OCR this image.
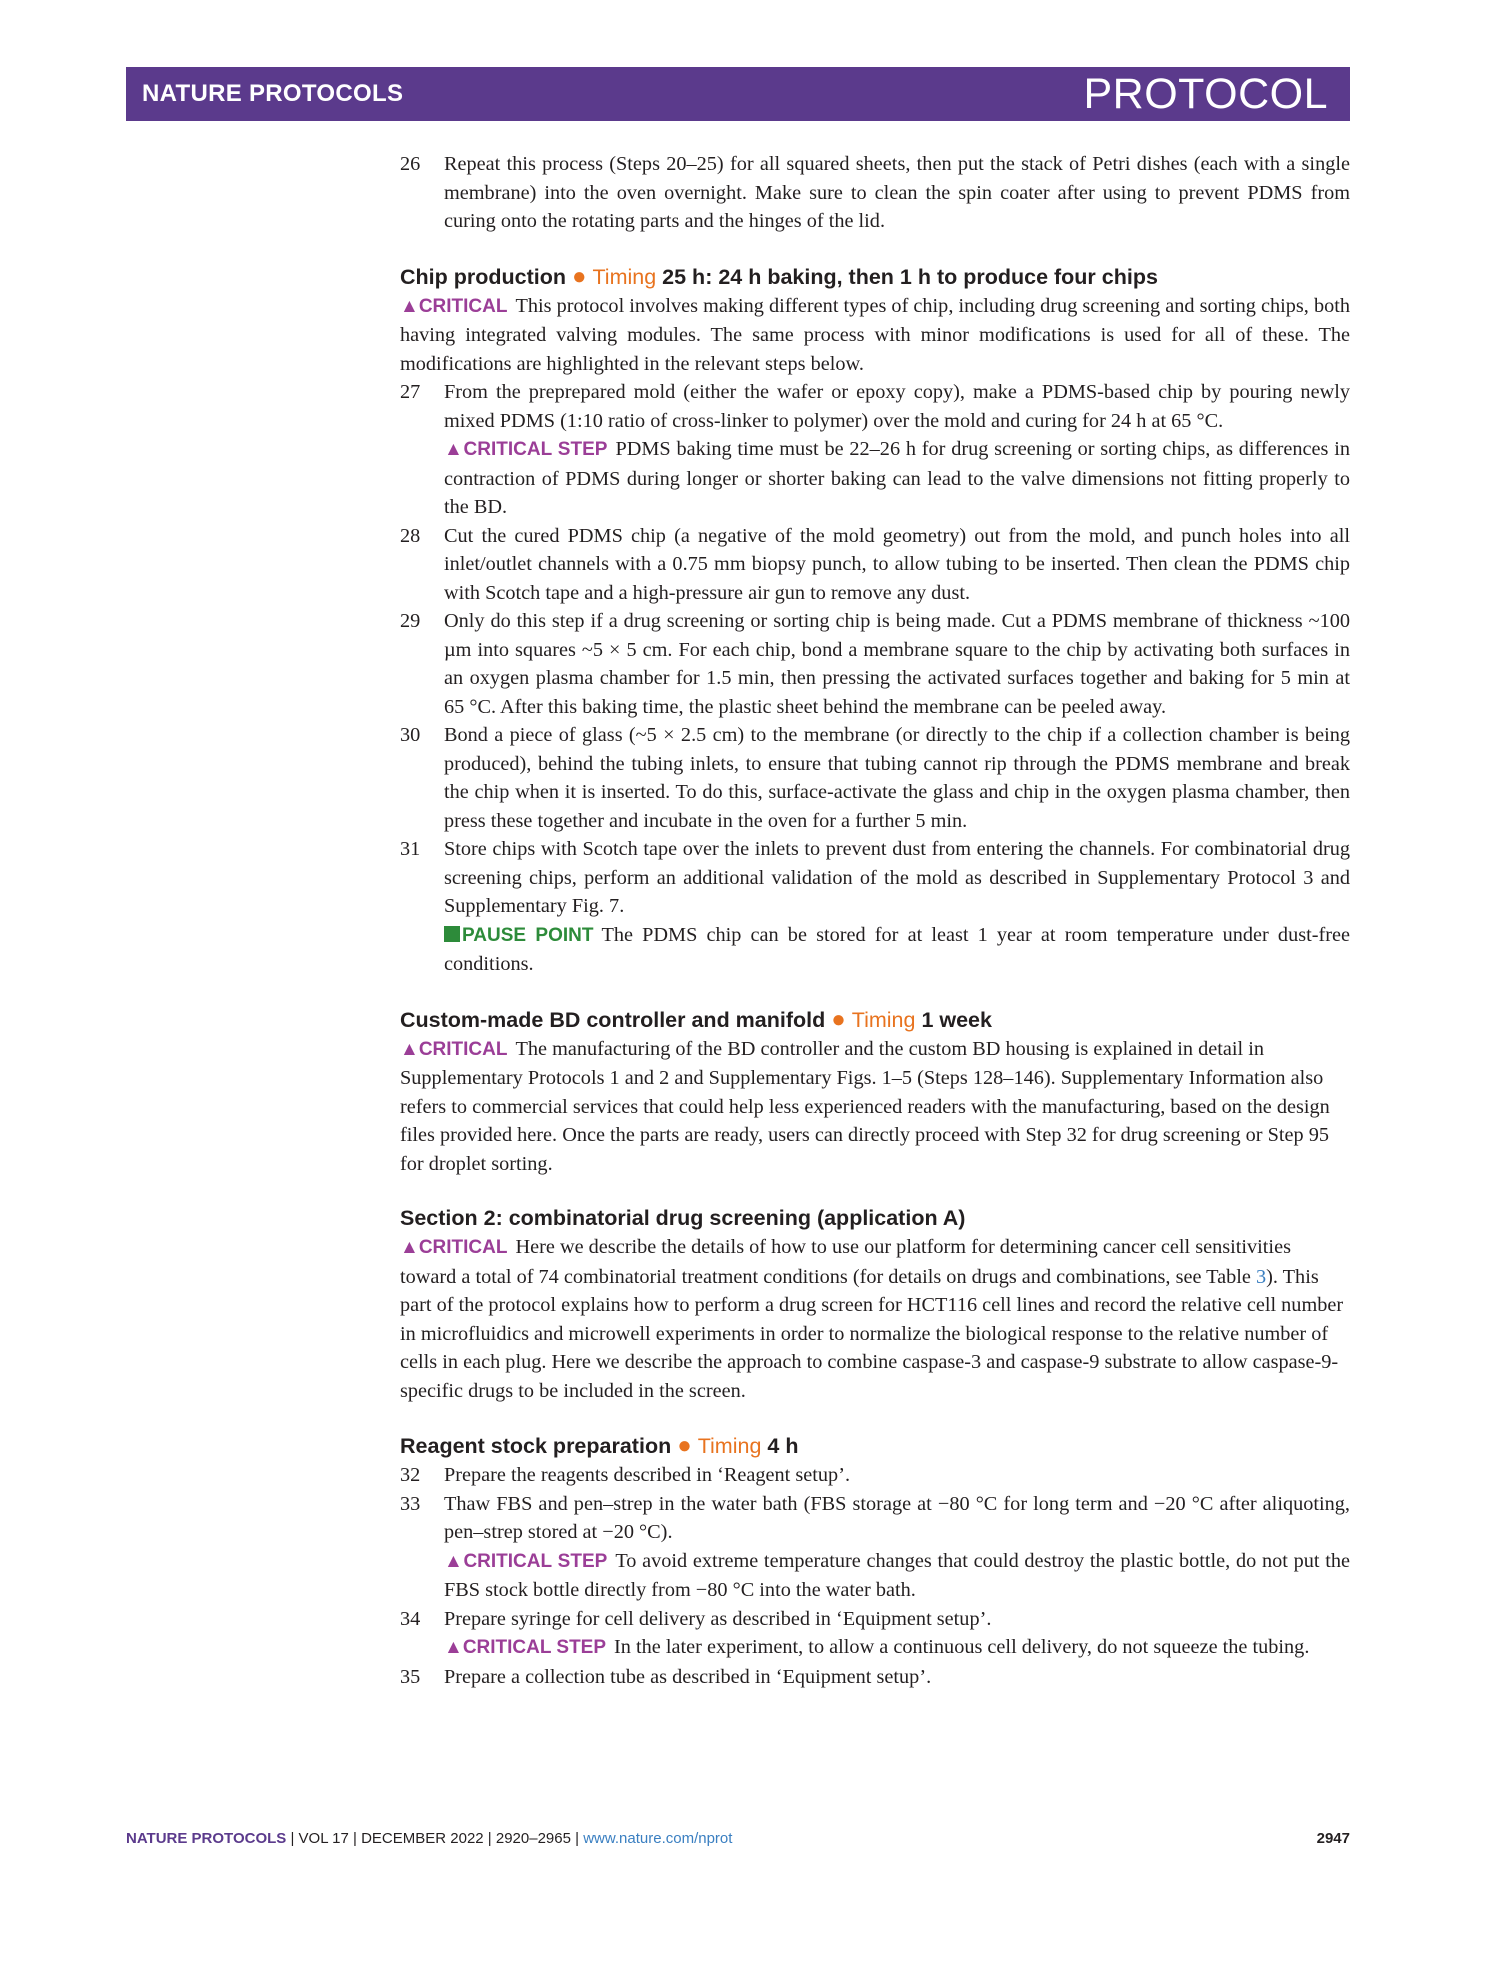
NATURE PROTOCOLS	PROTOCOL
26	Repeat this process (Steps 20–25) for all squared sheets, then put the stack of Petri dishes (each with a single membrane) into the oven overnight. Make sure to clean the spin coater after using to prevent PDMS from curing onto the rotating parts and the hinges of the lid.
Chip production ● Timing 25 h: 24 h baking, then 1 h to produce four chips
▲CRITICAL This protocol involves making different types of chip, including drug screening and sorting chips, both having integrated valving modules. The same process with minor modifications is used for all of these. The modifications are highlighted in the relevant steps below.
27	From the preprepared mold (either the wafer or epoxy copy), make a PDMS-based chip by pouring newly mixed PDMS (1:10 ratio of cross-linker to polymer) over the mold and curing for 24 h at 65 °C.
▲CRITICAL STEP PDMS baking time must be 22–26 h for drug screening or sorting chips, as differences in contraction of PDMS during longer or shorter baking can lead to the valve dimensions not fitting properly to the BD.
28	Cut the cured PDMS chip (a negative of the mold geometry) out from the mold, and punch holes into all inlet/outlet channels with a 0.75 mm biopsy punch, to allow tubing to be inserted. Then clean the PDMS chip with Scotch tape and a high-pressure air gun to remove any dust.
29	Only do this step if a drug screening or sorting chip is being made. Cut a PDMS membrane of thickness ~100 µm into squares ~5 × 5 cm. For each chip, bond a membrane square to the chip by activating both surfaces in an oxygen plasma chamber for 1.5 min, then pressing the activated surfaces together and baking for 5 min at 65 °C. After this baking time, the plastic sheet behind the membrane can be peeled away.
30	Bond a piece of glass (~5 × 2.5 cm) to the membrane (or directly to the chip if a collection chamber is being produced), behind the tubing inlets, to ensure that tubing cannot rip through the PDMS membrane and break the chip when it is inserted. To do this, surface-activate the glass and chip in the oxygen plasma chamber, then press these together and incubate in the oven for a further 5 min.
31	Store chips with Scotch tape over the inlets to prevent dust from entering the channels. For combinatorial drug screening chips, perform an additional validation of the mold as described in Supplementary Protocol 3 and Supplementary Fig. 7.
PAUSE POINT The PDMS chip can be stored for at least 1 year at room temperature under dust-free conditions.
Custom-made BD controller and manifold ● Timing 1 week
▲CRITICAL The manufacturing of the BD controller and the custom BD housing is explained in detail in Supplementary Protocols 1 and 2 and Supplementary Figs. 1–5 (Steps 128–146). Supplementary Information also refers to commercial services that could help less experienced readers with the manufacturing, based on the design files provided here. Once the parts are ready, users can directly proceed with Step 32 for drug screening or Step 95 for droplet sorting.
Section 2: combinatorial drug screening (application A)
▲CRITICAL Here we describe the details of how to use our platform for determining cancer cell sensitivities toward a total of 74 combinatorial treatment conditions (for details on drugs and combinations, see Table 3). This part of the protocol explains how to perform a drug screen for HCT116 cell lines and record the relative cell number in microfluidics and microwell experiments in order to normalize the biological response to the relative number of cells in each plug. Here we describe the approach to combine caspase-3 and caspase-9 substrate to allow caspase-9-specific drugs to be included in the screen.
Reagent stock preparation ● Timing 4 h
32	Prepare the reagents described in ‘Reagent setup’.
33	Thaw FBS and pen–strep in the water bath (FBS storage at −80 °C for long term and −20 °C after aliquoting, pen–strep stored at −20 °C).
▲CRITICAL STEP To avoid extreme temperature changes that could destroy the plastic bottle, do not put the FBS stock bottle directly from −80 °C into the water bath.
34	Prepare syringe for cell delivery as described in ‘Equipment setup’.
▲CRITICAL STEP In the later experiment, to allow a continuous cell delivery, do not squeeze the tubing.
35	Prepare a collection tube as described in ‘Equipment setup’.
NATURE PROTOCOLS | VOL 17 | DECEMBER 2022 | 2920–2965 | www.nature.com/nprot	2947
